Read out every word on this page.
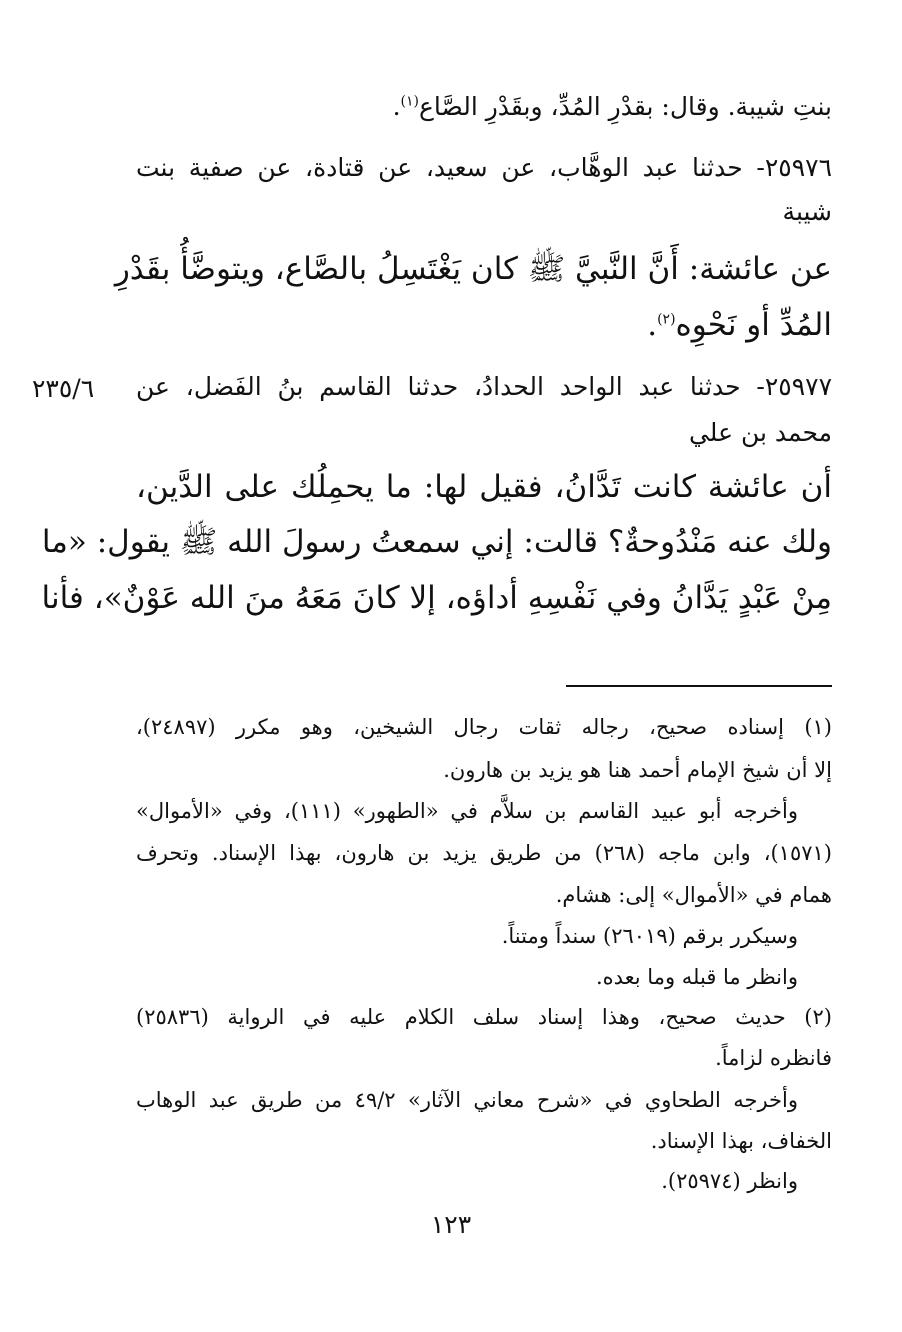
بنتِ شيبة. وقال: بقدْرِ المُدِّ، وبقَدْرِ الصَّاع$^{(١)}$.
٢٥٩٧٦- حدثنا عبد الوهَّاب، عن سعيد، عن قتادة، عن صفية بنت
شيبة
عن عائشة: أَنَّ النَّبيَّ ﷺ كان يَغْتَسِلُ بالصَّاع، ويتوضَّأُ بقَدْرِ
المُدِّ أو نَحْوِه$^{(٢)}$.
٢٣٥/٦	٢٥٩٧٧- حدثنا عبد الواحد الحدادُ، حدثنا القاسم بنُ الفَضل، عن
محمد بن علي
أن عائشة كانت تَدَّانُ، فقيل لها: ما يحمِلُك على الدَّين،
ولك عنه مَنْدُوحةٌ؟ قالت: إني سمعتُ رسولَ الله ﷺ يقول: «ما
مِنْ عَبْدٍ يَدَّانُ وفي نَفْسِهِ أداؤه، إلا كانَ مَعَهُ منَ الله عَوْنٌ»، فأنا
(١) إسناده صحيح، رجاله ثقات رجال الشيخين، وهو مكرر (٢٤٨٩٧)،
إلا أن شيخ الإمام أحمد هنا هو يزيد بن هارون.
وأخرجه أبو عبيد القاسم بن سلاَّم في «الطهور» (١١١)، وفي «الأموال»
(١٥٧١)، وابن ماجه (٢٦٨) من طريق يزيد بن هارون، بهذا الإسناد. وتحرف
همام في «الأموال» إلى: هشام.
وسيكرر برقم (٢٦٠١٩) سنداً ومتناً.
وانظر ما قبله وما بعده.
(٢) حديث صحيح، وهذا إسناد سلف الكلام عليه في الرواية (٢٥٨٣٦)
فانظره لزاماً.
وأخرجه الطحاوي في «شرح معاني الآثار» ٤٩/٢ من طريق عبد الوهاب
الخفاف، بهذا الإسناد.
وانظر (٢٥٩٧٤).
١٢٣
